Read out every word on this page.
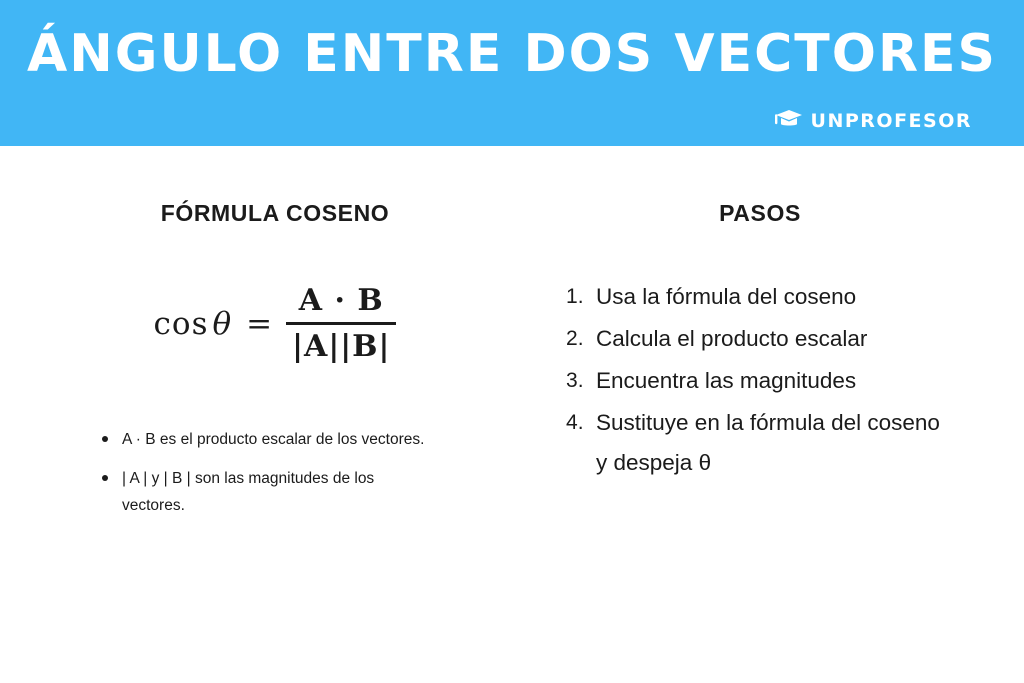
ÁNGULO ENTRE DOS VECTORES
UNPROFESOR
FÓRMULA COSENO
$\cos \theta = \frac{A \cdot B}{|A||B|}$
A · B es el producto escalar de los vectores.
| A | y | B | son las magnitudes de los vectores.
PASOS
Usa la fórmula del coseno
Calcula el producto escalar
Encuentra las magnitudes
Sustituye en la fórmula del coseno y despeja θ
